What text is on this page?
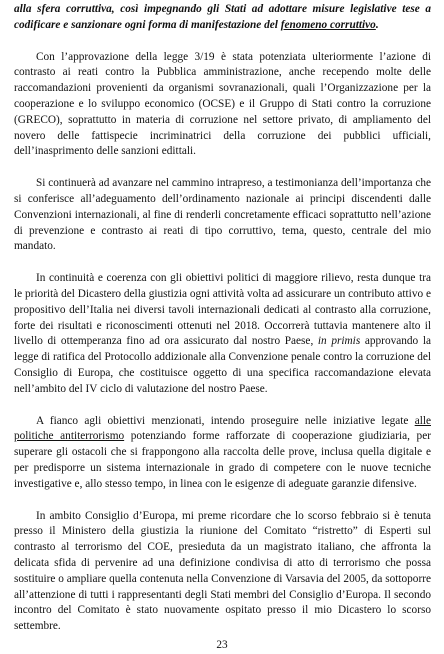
alla sfera corruttiva, così impegnando gli Stati ad adottare misure legislative tese a codificare e sanzionare ogni forma di manifestazione del fenomeno corruttivo.

Con l’approvazione della legge 3/19 è stata potenziata ulteriormente l’azione di contrasto ai reati contro la Pubblica amministrazione, anche recependo molte delle raccomandazioni provenienti da organismi sovranazionali, quali l’Organizzazione per la cooperazione e lo sviluppo economico (OCSE) e il Gruppo di Stati contro la corruzione (GRECO), soprattutto in materia di corruzione nel settore privato, di ampliamento del novero delle fattispecie incriminatrici della corruzione dei pubblici ufficiali, dell’inasprimento delle sanzioni edittali.

Si continuerà ad avanzare nel cammino intrapreso, a testimonianza dell’importanza che si conferisce all’adeguamento dell’ordinamento nazionale ai principi discendenti dalle Convenzioni internazionali, al fine di renderli concretamente efficaci soprattutto nell’azione di prevenzione e contrasto ai reati di tipo corruttivo, tema, questo, centrale del mio mandato.

In continuità e coerenza con gli obiettivi politici di maggiore rilievo, resta dunque tra le priorità del Dicastero della giustizia ogni attività volta ad assicurare un contributo attivo e propositivo dell’Italia nei diversi tavoli internazionali dedicati al contrasto alla corruzione, forte dei risultati e riconoscimenti ottenuti nel 2018. Occorrerà tuttavia mantenere alto il livello di ottemperanza fino ad ora assicurato dal nostro Paese, in primis approvando la legge di ratifica del Protocollo addizionale alla Convenzione penale contro la corruzione del Consiglio di Europa, che costituisce oggetto di una specifica raccomandazione elevata nell’ambito del IV ciclo di valutazione del nostro Paese.

A fianco agli obiettivi menzionati, intendo proseguire nelle iniziative legate alle politiche antiterrorismo potenziando forme rafforzate di cooperazione giudiziaria, per superare gli ostacoli che si frappongono alla raccolta delle prove, inclusa quella digitale e per predisporre un sistema internazionale in grado di competere con le nuove tecniche investigative e, allo stesso tempo, in linea con le esigenze di adeguate garanzie difensive.

In ambito Consiglio d’Europa, mi preme ricordare che lo scorso febbraio si è tenuta presso il Ministero della giustizia la riunione del Comitato “ristretto” di Esperti sul contrasto al terrorismo del COE, presieduta da un magistrato italiano, che affronta la delicata sfida di pervenire ad una definizione condivisa di atto di terrorismo che possa sostituire o ampliare quella contenuta nella Convenzione di Varsavia del 2005, da sottoporre all’attenzione di tutti i rappresentanti degli Stati membri del Consiglio d’Europa. Il secondo incontro del Comitato è stato nuovamente ospitato presso il mio Dicastero lo scorso settembre.

23
